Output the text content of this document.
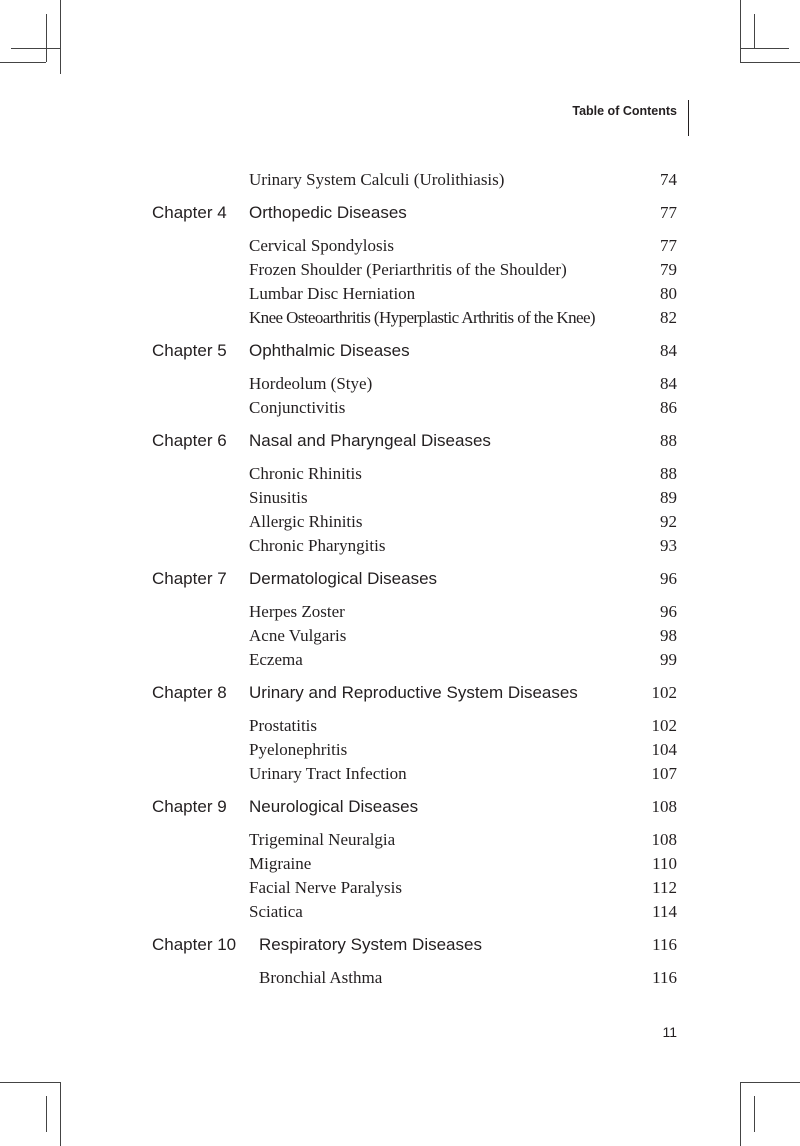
Table of Contents
Urinary System Calculi (Urolithiasis)	74
Chapter 4 Orthopedic Diseases	77
Cervical Spondylosis	77
Frozen Shoulder (Periarthritis of the Shoulder)	79
Lumbar Disc Herniation	80
Knee Osteoarthritis (Hyperplastic Arthritis of the Knee)	82
Chapter 5 Ophthalmic Diseases	84
Hordeolum (Stye)	84
Conjunctivitis	86
Chapter 6 Nasal and Pharyngeal Diseases	88
Chronic Rhinitis	88
Sinusitis	89
Allergic Rhinitis	92
Chronic Pharyngitis	93
Chapter 7 Dermatological Diseases	96
Herpes Zoster	96
Acne Vulgaris	98
Eczema	99
Chapter 8 Urinary and Reproductive System Diseases	102
Prostatitis	102
Pyelonephritis	104
Urinary Tract Infection	107
Chapter 9 Neurological Diseases	108
Trigeminal Neuralgia	108
Migraine	110
Facial Nerve Paralysis	112
Sciatica	114
Chapter 10 Respiratory System Diseases	116
Bronchial Asthma	116
11
